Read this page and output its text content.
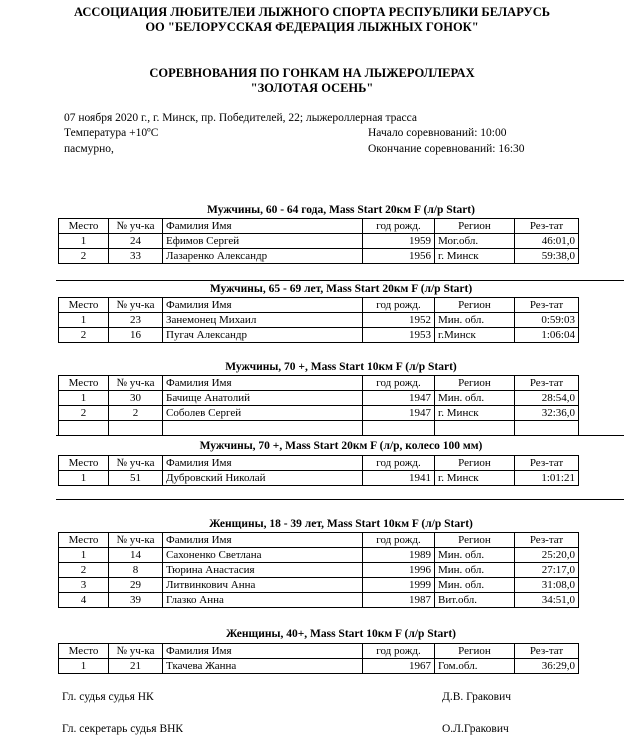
АССОЦИАЦИЯ ЛЮБИТЕЛЕИ ЛЫЖНОГО СПОРТА РЕСПУБЛИКИ БЕЛАРУСЬ
ОО "БЕЛОРУССКАЯ ФЕДЕРАЦИЯ ЛЫЖНЫХ ГОНОК"
СОРЕВНОВАНИЯ ПО ГОНКАМ НА ЛЫЖЕРОЛЛЕРАХ
"ЗОЛОТАЯ ОСЕНЬ"
07 ноября 2020 г., г. Минск, пр. Победителей, 22; лыжероллерная трасса
Температура +10ºC
пасмурно,
Начало соревнований: 10:00
Окончание соревнований: 16:30
Мужчины, 60 - 64 года, Mass Start 20км F (л/р Start)
Место	№ уч-ка	Фамилия Имя	год рожд.	Регион	Рез-тат
1	24	Ефимов Сергей	1959	Мог.обл.	46:01,0
2	33	Лазаренко Александр	1956	г. Минск	59:38,0
Мужчины, 65 - 69 лет, Mass Start 20км F (л/р Start)
Место	№ уч-ка	Фамилия Имя	год рожд.	Регион	Рез-тат
1	23	Занемонец Михаил	1952	Мин. обл.	0:59:03
2	16	Пугач Александр	1953	г.Минск	1:06:04
Мужчины, 70 +, Mass Start 10км F (л/р Start)
Место	№ уч-ка	Фамилия Имя	год рожд.	Регион	Рез-тат
1	30	Бачище Анатолий	1947	Мин. обл.	28:54,0
2	2	Соболев Сергей	1947	г. Минск	32:36,0

Мужчины, 70 +, Mass Start 20км F (л/р, колесо 100 мм)
Место	№ уч-ка	Фамилия Имя	год рожд.	Регион	Рез-тат
1	51	Дубровский Николай	1941	г. Минск	1:01:21
Женщины, 18 - 39 лет, Mass Start 10км F (л/р Start)
Место	№ уч-ка	Фамилия Имя	год рожд.	Регион	Рез-тат
1	14	Сахоненко Светлана	1989	Мин. обл.	25:20,0
2	8	Тюрина Анастасия	1996	Мин. обл.	27:17,0
3	29	Литвинкович Анна	1999	Мин. обл.	31:08,0
4	39	Глазко Анна	1987	Вит.обл.	34:51,0
Женщины, 40+, Mass Start 10км F (л/р Start)
Место	№ уч-ка	Фамилия Имя	год рожд.	Регион	Рез-тат
1	21	Ткачева Жанна	1967	Гом.обл.	36:29,0
Гл. судья судья НК	Д.В. Гракович
Гл. секретарь судья ВНК	О.Л.Гракович
